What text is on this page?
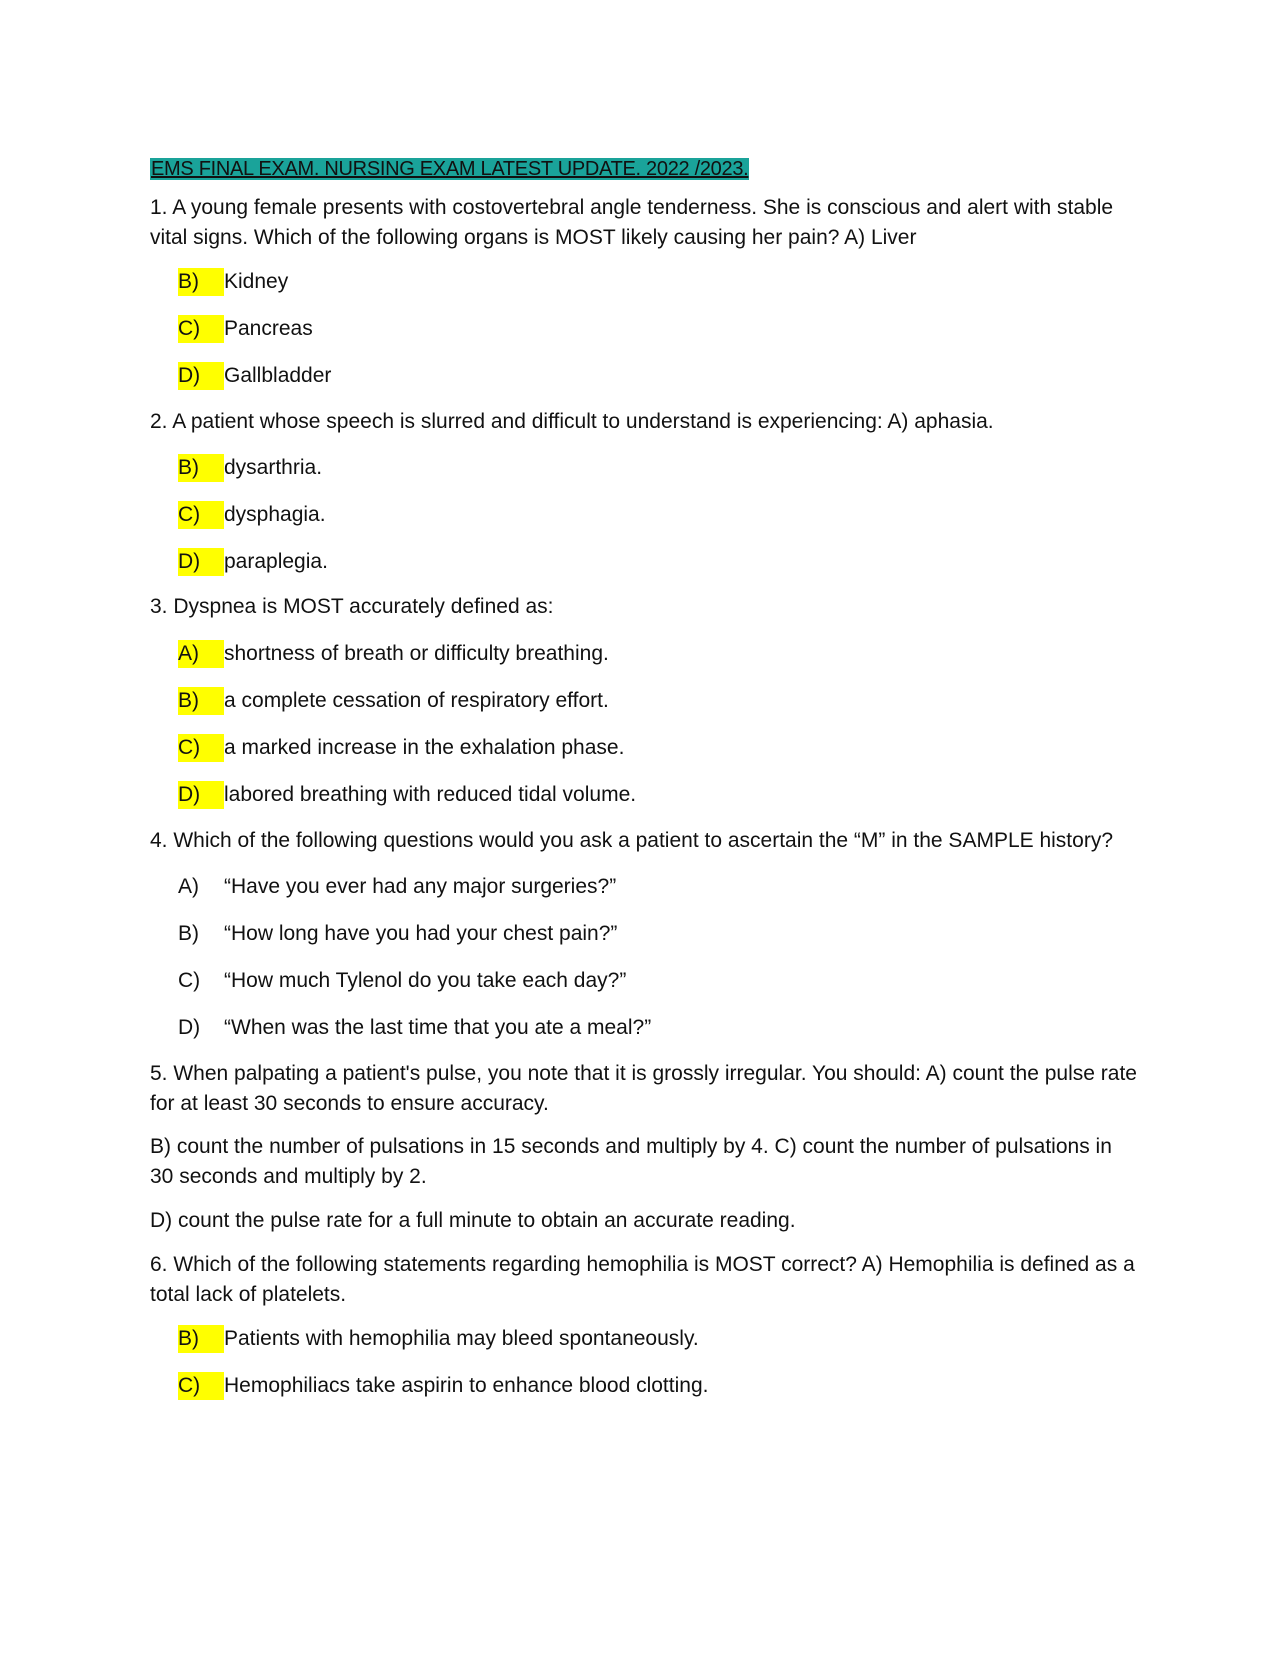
EMS FINAL EXAM. NURSING EXAM LATEST UPDATE. 2022 /2023.
1. A young female presents with costovertebral angle tenderness. She is conscious and alert with stable vital signs. Which of the following organs is MOST likely causing her pain? A) Liver
B)	Kidney
C)	Pancreas
D)	Gallbladder
2. A patient whose speech is slurred and difficult to understand is experiencing: A) aphasia.
B)	dysarthria.
C)	dysphagia.
D)	paraplegia.
3. Dyspnea is MOST accurately defined as:
A)	shortness of breath or difficulty breathing.
B)	a complete cessation of respiratory effort.
C)	a marked increase in the exhalation phase.
D)	labored breathing with reduced tidal volume.
4. Which of the following questions would you ask a patient to ascertain the “M” in the SAMPLE history?
A)	“Have you ever had any major surgeries?”
B)	“How long have you had your chest pain?”
C)	“How much Tylenol do you take each day?”
D)	“When was the last time that you ate a meal?”
5. When palpating a patient's pulse, you note that it is grossly irregular. You should: A) count the pulse rate for at least 30 seconds to ensure accuracy.
B) count the number of pulsations in 15 seconds and multiply by 4. C) count the number of pulsations in 30 seconds and multiply by 2.
D) count the pulse rate for a full minute to obtain an accurate reading.
6. Which of the following statements regarding hemophilia is MOST correct? A) Hemophilia is defined as a total lack of platelets.
B)	Patients with hemophilia may bleed spontaneously.
C)	Hemophiliacs take aspirin to enhance blood clotting.
